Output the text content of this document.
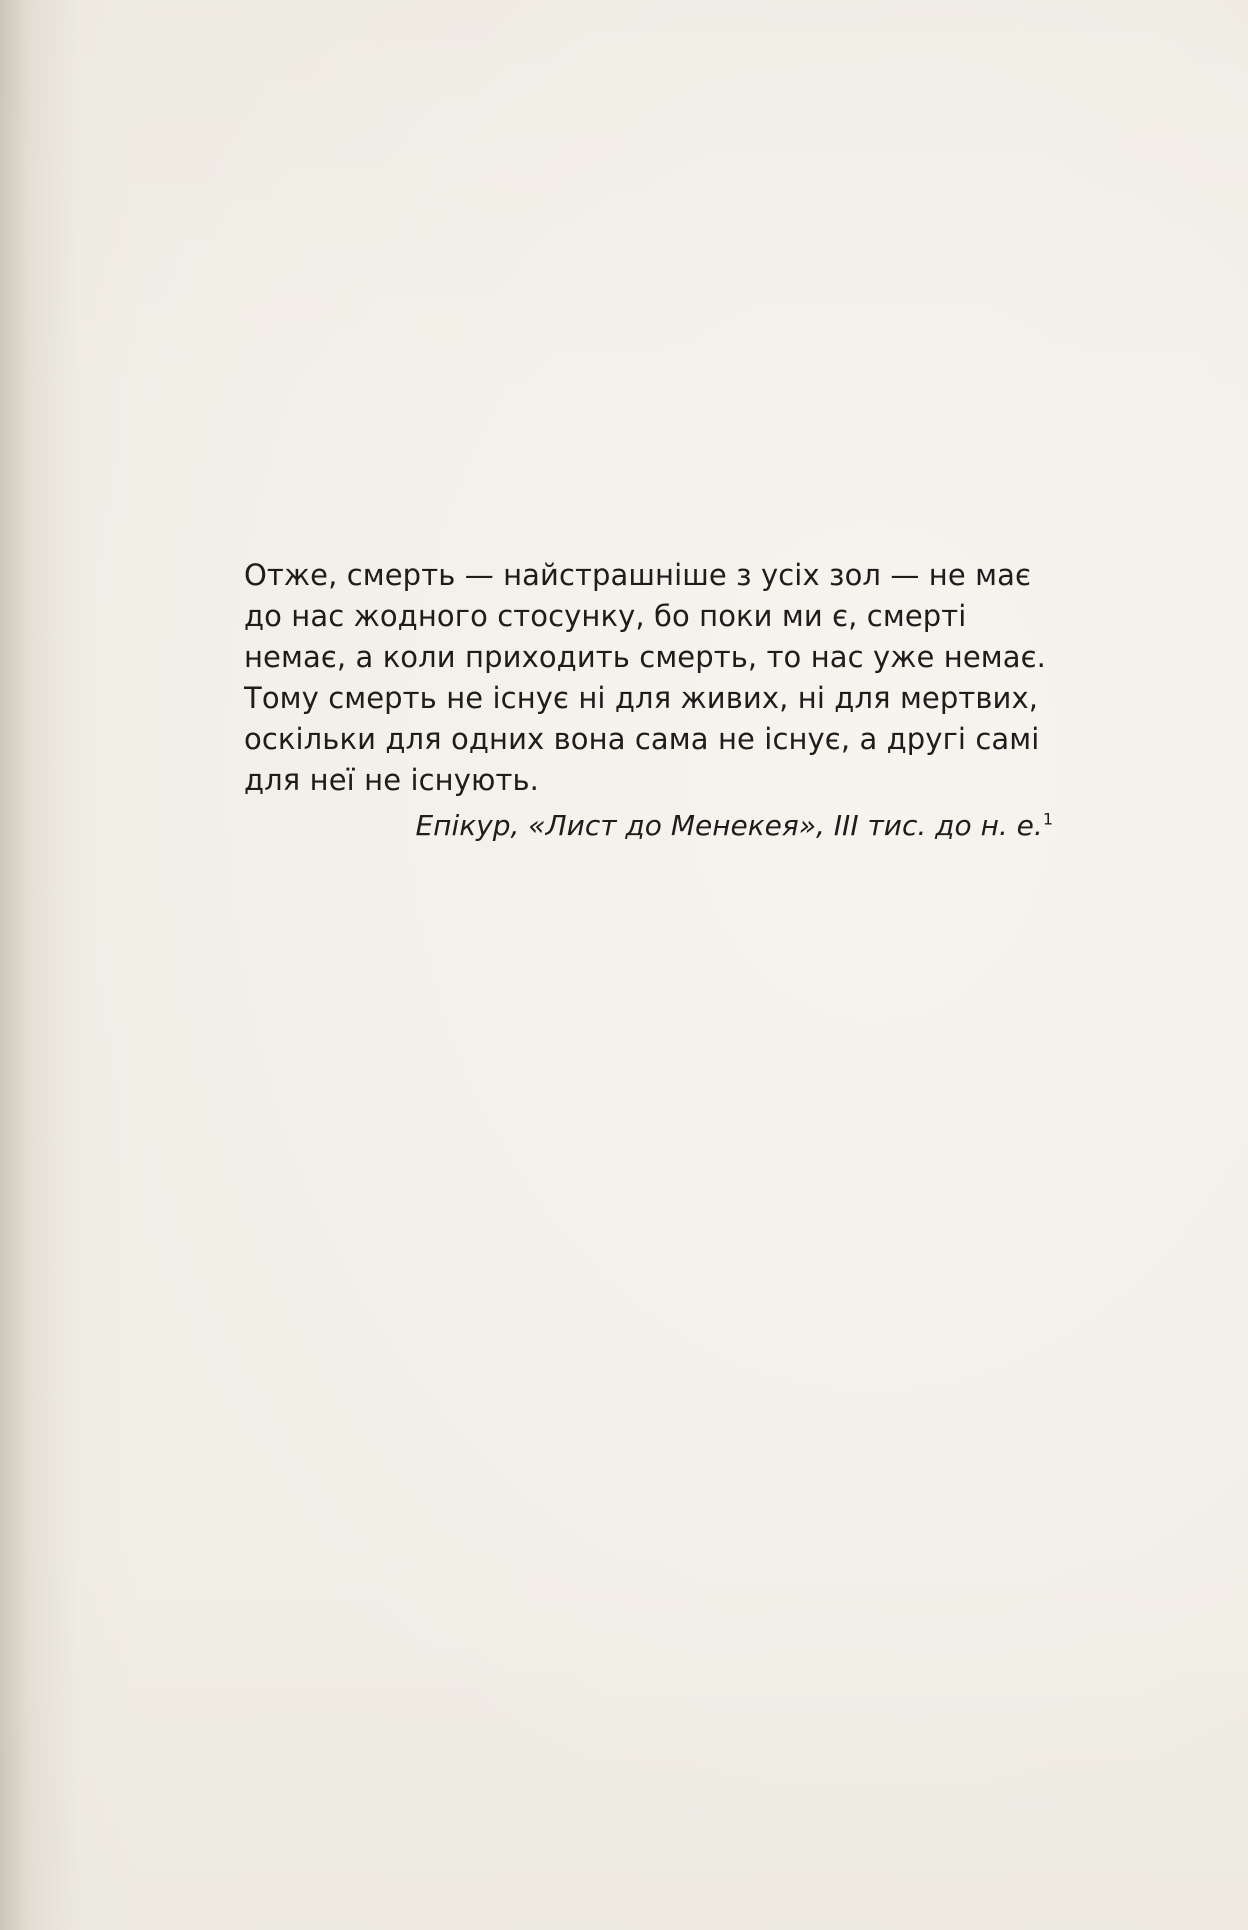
Отже, смерть — найстрашніше з усіх зол — не має
до нас жодного стосунку, бо поки ми є, смерті
немає, а коли приходить смерть, то нас уже немає.
Тому смерть не існує ні для живих, ні для мертвих,
оскільки для одних вона сама не існує, а другі самі
для неї не існують.
Епікур, «Лист до Менекея», III тис. до н. е.$^1$
